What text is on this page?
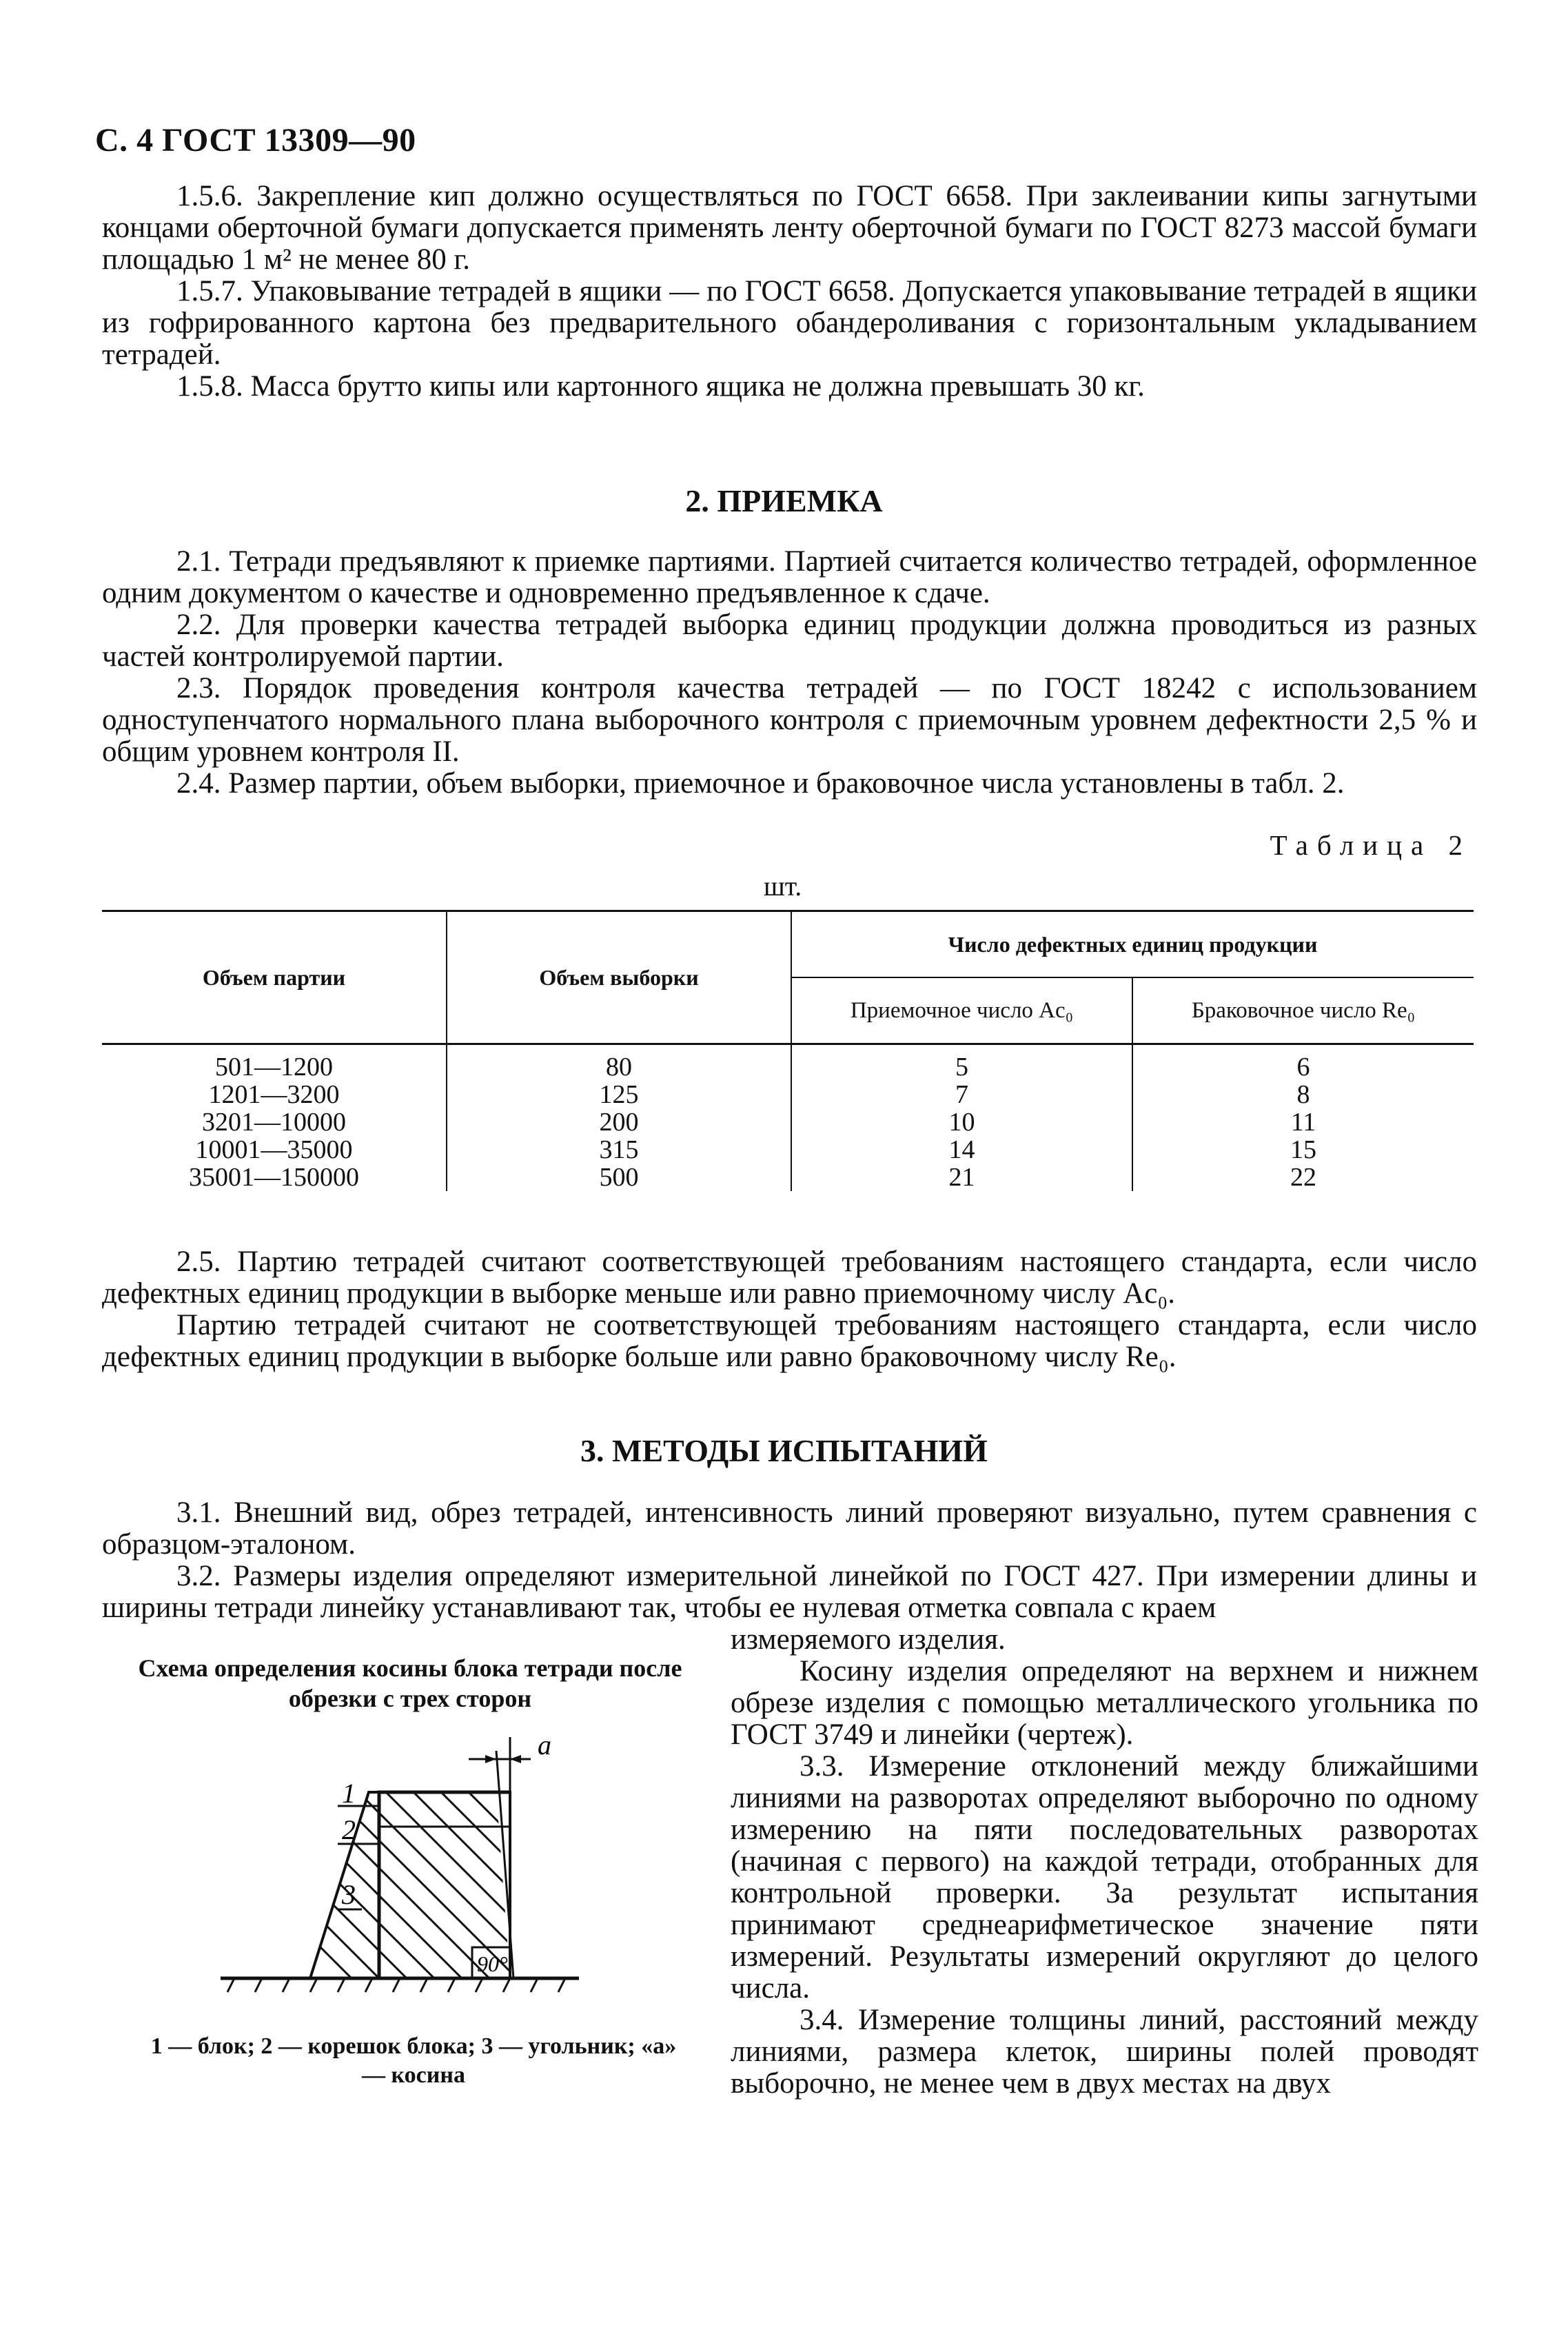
С. 4 ГОСТ 13309—90

1.5.6. Закрепление кип должно осуществляться по ГОСТ 6658. При заклеивании кипы загнутыми концами оберточной бумаги допускается применять ленту оберточной бумаги по ГОСТ 8273 массой бумаги площадью 1 м² не менее 80 г.

1.5.7. Упаковывание тетрадей в ящики — по ГОСТ 6658. Допускается упаковывание тетрадей в ящики из гофрированного картона без предварительного обандероливания с горизонтальным укладыванием тетрадей.

1.5.8. Масса брутто кипы или картонного ящика не должна превышать 30 кг.

2. ПРИЕМКА

2.1. Тетради предъявляют к приемке партиями. Партией считается количество тетрадей, оформленное одним документом о качестве и одновременно предъявленное к сдаче.

2.2. Для проверки качества тетрадей выборка единиц продукции должна проводиться из разных частей контролируемой партии.

2.3. Порядок проведения контроля качества тетрадей — по ГОСТ 18242 с использованием одноступенчатого нормального плана выборочного контроля с приемочным уровнем дефектности 2,5 % и общим уровнем контроля II.

2.4. Размер партии, объем выборки, приемочное и браковочное числа установлены в табл. 2.

Таблица 2
шт.
Объем партии	Объем выборки	Число дефектных единиц продукции	
		Приемочное число Ac₀	Браковочное число Re₀
501—1200	80	5	6
1201—3200	125	7	8
3201—10000	200	10	11
10001—35000	315	14	15
35001—150000	500	21	22

2.5. Партию тетрадей считают соответствующей требованиям настоящего стандарта, если число дефектных единиц продукции в выборке меньше или равно приемочному числу Ac₀.

Партию тетрадей считают не соответствующей требованиям настоящего стандарта, если число дефектных единиц продукции в выборке больше или равно браковочному числу Re₀.

3. МЕТОДЫ ИСПЫТАНИЙ

3.1. Внешний вид, обрез тетрадей, интенсивность линий проверяют визуально, путем сравнения с образцом-эталоном.

3.2. Размеры изделия определяют измерительной линейкой по ГОСТ 427. При измерении длины и ширины тетради линейку устанавливают так, чтобы ее нулевая отметка совпала с краем

Схема определения косины блока тетради после обрезки с трех сторон
1
2
3
a
90°
1 — блок; 2 — корешок блока; 3 — угольник; «a» — косина

измеряемого изделия.

Косину изделия определяют на верхнем и нижнем обрезе изделия с помощью металлического угольника по ГОСТ 3749 и линейки (чертеж).

3.3. Измерение отклонений между ближайшими линиями на разворотах определяют выборочно по одному измерению на пяти последовательных разворотах (начиная с первого) на каждой тетради, отобранных для контрольной проверки. За результат испытания принимают среднеарифметическое значение пяти измерений. Результаты измерений округляют до целого числа.

3.4. Измерение толщины линий, расстояний между линиями, размера клеток, ширины полей проводят выборочно, не менее чем в двух местах на двух
